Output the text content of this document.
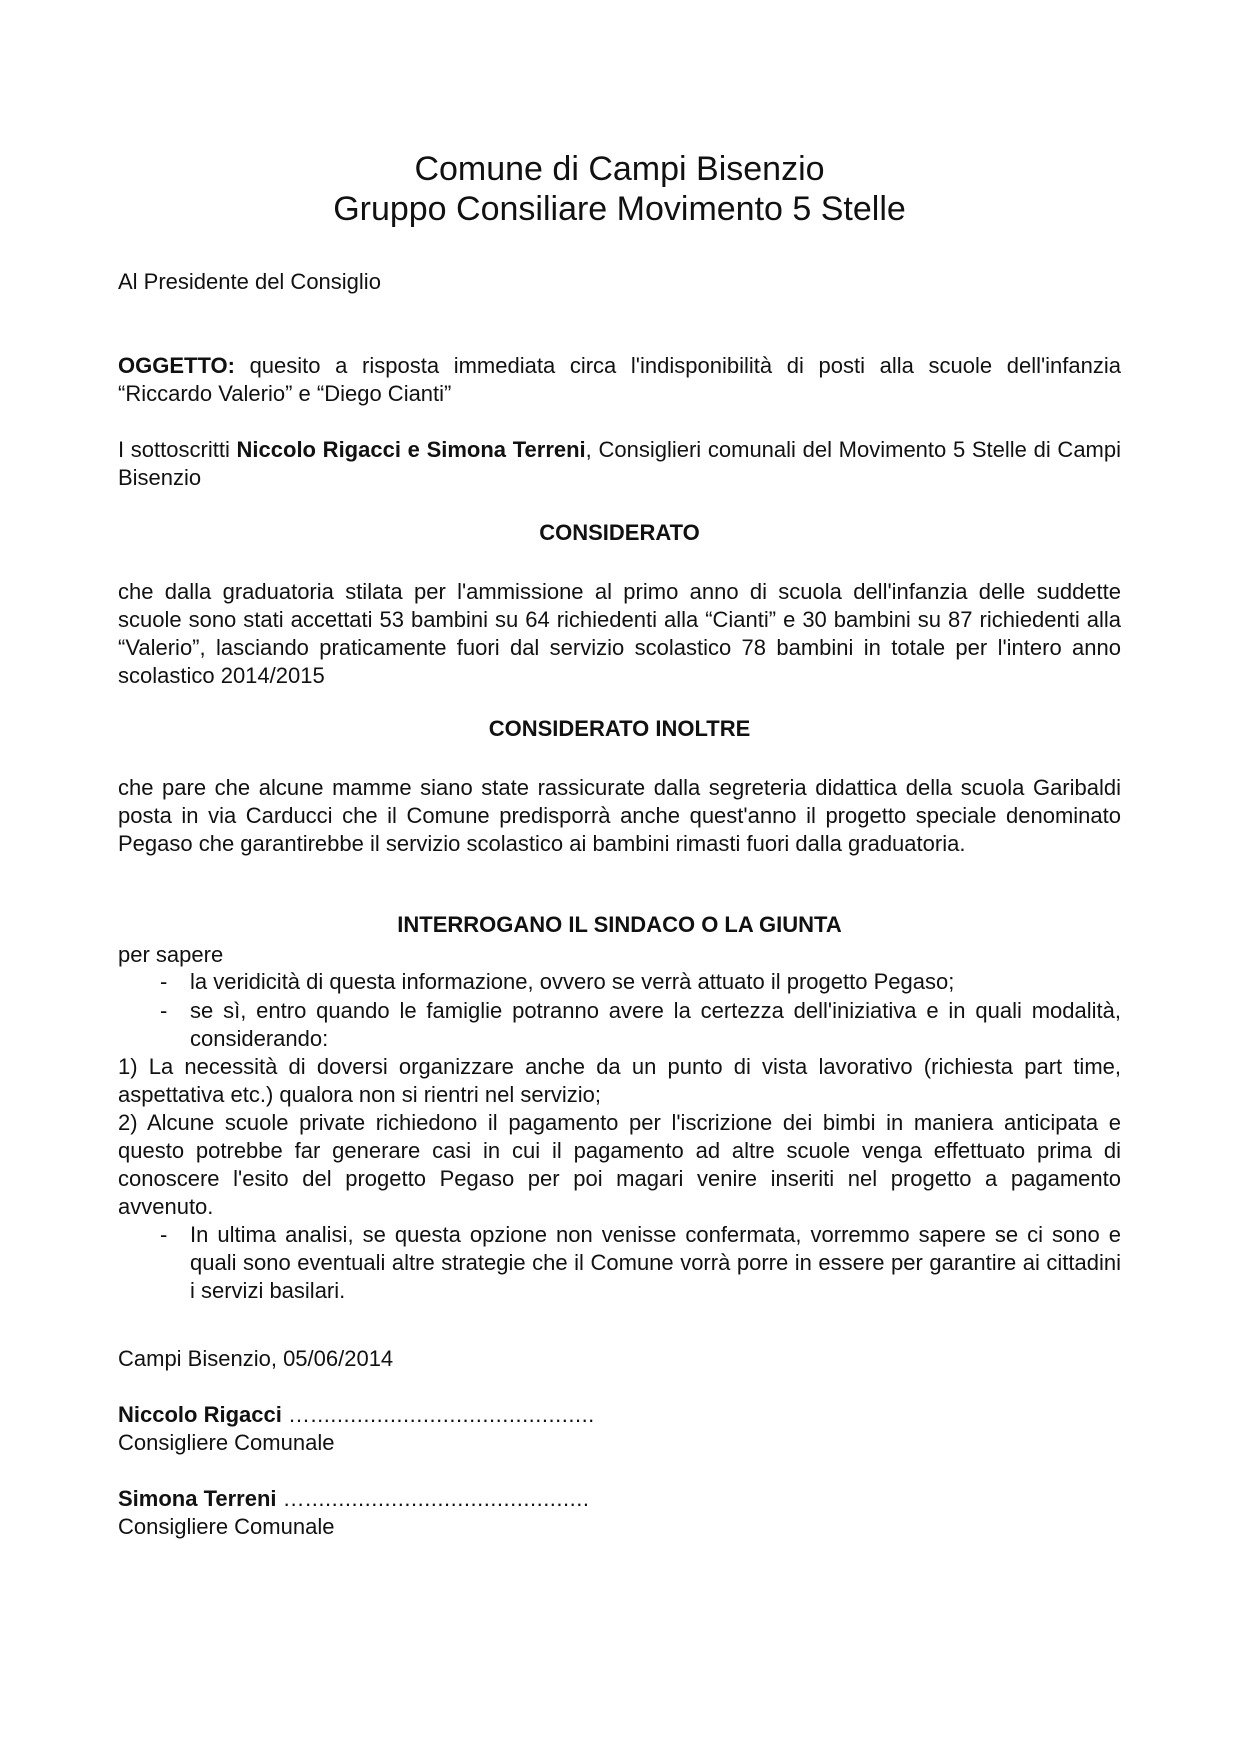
Comune di Campi Bisenzio
Gruppo Consiliare Movimento 5 Stelle
Al Presidente del Consiglio
OGGETTO: quesito a risposta immediata circa l'indisponibilità di posti alla scuole dell'infanzia “Riccardo Valerio” e “Diego Cianti”
I sottoscritti Niccolo Rigacci e Simona Terreni, Consiglieri comunali del Movimento 5 Stelle di Campi Bisenzio
CONSIDERATO
che dalla graduatoria stilata per l'ammissione al primo anno di scuola dell'infanzia delle suddette scuole sono stati accettati 53 bambini su 64 richiedenti alla “Cianti” e 30 bambini su 87 richiedenti alla “Valerio”, lasciando praticamente fuori dal servizio scolastico 78 bambini in totale per l'intero anno scolastico 2014/2015
CONSIDERATO INOLTRE
che pare che alcune mamme siano state rassicurate dalla segreteria didattica della scuola Garibaldi posta in via Carducci che il Comune predisporrà anche quest'anno il progetto speciale denominato Pegaso che garantirebbe il servizio scolastico ai bambini rimasti fuori dalla graduatoria.
INTERROGANO IL SINDACO O LA GIUNTA
per sapere
- la veridicità di questa informazione, ovvero se verrà attuato il progetto Pegaso;
- se sì, entro quando le famiglie potranno avere la certezza dell'iniziativa e in quali modalità, considerando:
1) La necessità di doversi organizzare anche da un punto di vista lavorativo (richiesta part time, aspettativa etc.) qualora non si rientri nel servizio;
2) Alcune scuole private richiedono il pagamento per l'iscrizione dei bimbi in maniera anticipata e questo potrebbe far generare casi in cui il pagamento ad altre scuole venga effettuato prima di conoscere l'esito del progetto Pegaso per poi magari venire inseriti nel progetto a pagamento avvenuto.
- In ultima analisi, se questa opzione non venisse confermata, vorremmo sapere se ci sono e quali sono eventuali altre strategie che il Comune vorrà porre in essere per garantire ai cittadini i servizi basilari.
Campi Bisenzio, 05/06/2014
Niccolo Rigacci …...........................................
Consigliere Comunale
Simona Terreni …...........................................
Consigliere Comunale
